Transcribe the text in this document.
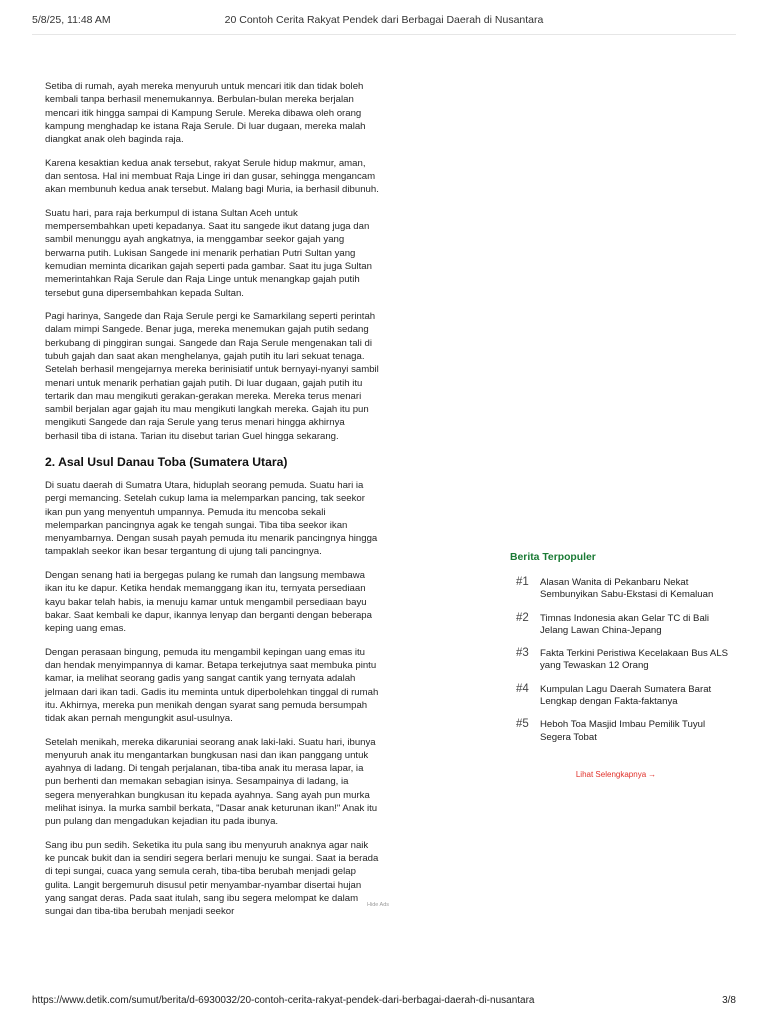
5/8/25, 11:48 AM	20 Contoh Cerita Rakyat Pendek dari Berbagai Daerah di Nusantara

Setiba di rumah, ayah mereka menyuruh untuk mencari itik dan tidak boleh kembali tanpa berhasil menemukannya. Berbulan-bulan mereka berjalan mencari itik hingga sampai di Kampung Serule. Mereka dibawa oleh orang kampung menghadap ke istana Raja Serule. Di luar dugaan, mereka malah diangkat anak oleh baginda raja.

Karena kesaktian kedua anak tersebut, rakyat Serule hidup makmur, aman, dan sentosa. Hal ini membuat Raja Linge iri dan gusar, sehingga mengancam akan membunuh kedua anak tersebut. Malang bagi Muria, ia berhasil dibunuh.

Suatu hari, para raja berkumpul di istana Sultan Aceh untuk mempersembahkan upeti kepadanya. Saat itu sangede ikut datang juga dan sambil menunggu ayah angkatnya, ia menggambar seekor gajah yang berwarna putih. Lukisan Sangede ini menarik perhatian Putri Sultan yang kemudian meminta dicarikan gajah seperti pada gambar. Saat itu juga Sultan memerintahkan Raja Serule dan Raja Linge untuk menangkap gajah putih tersebut guna dipersembahkan kepada Sultan.

Pagi harinya, Sangede dan Raja Serule pergi ke Samarkilang seperti perintah dalam mimpi Sangede. Benar juga, mereka menemukan gajah putih sedang berkubang di pinggiran sungai. Sangede dan Raja Serule mengenakan tali di tubuh gajah dan saat akan menghelanya, gajah putih itu lari sekuat tenaga. Setelah berhasil mengejarnya mereka berinisiatif untuk bernyayi-nyanyi sambil menari untuk menarik perhatian gajah putih. Di luar dugaan, gajah putih itu tertarik dan mau mengikuti gerakan-gerakan mereka. Mereka terus menari sambil berjalan agar gajah itu mau mengikuti langkah mereka. Gajah itu pun mengikuti Sangede dan raja Serule yang terus menari hingga akhirnya berhasil tiba di istana. Tarian itu disebut tarian Guel hingga sekarang.

2. Asal Usul Danau Toba (Sumatera Utara)

Di suatu daerah di Sumatra Utara, hiduplah seorang pemuda. Suatu hari ia pergi memancing. Setelah cukup lama ia melemparkan pancing, tak seekor ikan pun yang menyentuh umpannya. Pemuda itu mencoba sekali melemparkan pancingnya agak ke tengah sungai. Tiba tiba seekor ikan menyambarnya. Dengan susah payah pemuda itu menarik pancingnya hingga tampaklah seekor ikan besar tergantung di ujung tali pancingnya.

Dengan senang hati ia bergegas pulang ke rumah dan langsung membawa ikan itu ke dapur. Ketika hendak memanggang ikan itu, ternyata persediaan kayu bakar telah habis, ia menuju kamar untuk mengambil persediaan bayu bakar. Saat kembali ke dapur, ikannya lenyap dan berganti dengan beberapa keping uang emas.

Dengan perasaan bingung, pemuda itu mengambil kepingan uang emas itu dan hendak menyimpannya di kamar. Betapa terkejutnya saat membuka pintu kamar, ia melihat seorang gadis yang sangat cantik yang ternyata adalah jelmaan dari ikan tadi. Gadis itu meminta untuk diperbolehkan tinggal di rumah itu. Akhirnya, mereka pun menikah dengan syarat sang pemuda bersumpah tidak akan pernah mengungkit asul-usulnya.

Setelah menikah, mereka dikaruniai seorang anak laki-laki. Suatu hari, ibunya menyuruh anak itu mengantarkan bungkusan nasi dan ikan panggang untuk ayahnya di ladang. Di tengah perjalanan, tiba-tiba anak itu merasa lapar, ia pun berhenti dan memakan sebagian isinya. Sesampainya di ladang, ia segera menyerahkan bungkusan itu kepada ayahnya. Sang ayah pun murka melihat isinya. Ia murka sambil berkata, "Dasar anak keturunan ikan!" Anak itu pun pulang dan mengadukan kejadian itu pada ibunya.

Sang ibu pun sedih. Seketika itu pula sang ibu menyuruh anaknya agar naik ke puncak bukit dan ia sendiri segera berlari menuju ke sungai. Saat ia berada di tepi sungai, cuaca yang semula cerah, tiba-tiba berubah menjadi gelap gulita. Langit bergemuruh disusul petir menyambar-nyambar disertai hujan yang sangat deras. Pada saat itulah, sang ibu segera melompat ke dalam sungai dan tiba-tiba berubah menjadi seekor

Hide Ads
Berita Terpopuler
#1 Alasan Wanita di Pekanbaru Nekat Sembunyikan Sabu-Ekstasi di Kemaluan
#2 Timnas Indonesia akan Gelar TC di Bali Jelang Lawan China-Jepang
#3 Fakta Terkini Peristiwa Kecelakaan Bus ALS yang Tewaskan 12 Orang
#4 Kumpulan Lagu Daerah Sumatera Barat Lengkap dengan Fakta-faktanya
#5 Heboh Toa Masjid Imbau Pemilik Tuyul Segera Tobat
Lihat Selengkapnya →
https://www.detik.com/sumut/berita/d-6930032/20-contoh-cerita-rakyat-pendek-dari-berbagai-daerah-di-nusantara	3/8
